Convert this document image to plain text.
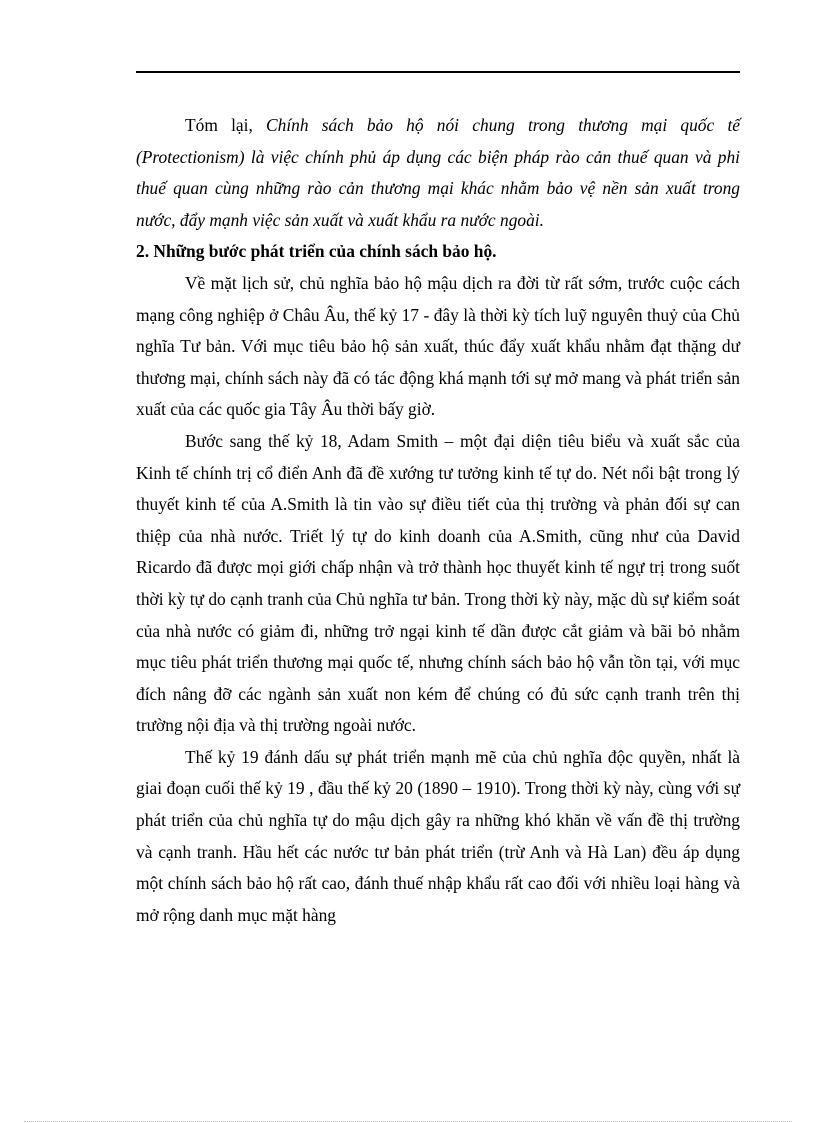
Tóm lại, Chính sách bảo hộ nói chung trong thương mại quốc tế (Protectionism) là việc chính phủ áp dụng các biện pháp rào cản thuế quan và phi thuế quan cùng những rào cản thương mại khác nhằm bảo vệ nền sản xuất trong nước, đẩy mạnh việc sản xuất và xuất khẩu ra nước ngoài.

2. Những bước phát triển của chính sách bảo hộ.

Về mặt lịch sử, chủ nghĩa bảo hộ mậu dịch ra đời từ rất sớm, trước cuộc cách mạng công nghiệp ở Châu Âu, thế kỷ 17 - đây là thời kỳ tích luỹ nguyên thuỷ của Chủ nghĩa Tư bản. Với mục tiêu bảo hộ sản xuất, thúc đẩy xuất khẩu nhằm đạt thặng dư thương mại, chính sách này đã có tác động khá mạnh tới sự mở mang và phát triển sản xuất của các quốc gia Tây Âu thời bấy giờ.

Bước sang thế kỷ 18, Adam Smith – một đại diện tiêu biểu và xuất sắc của Kinh tế chính trị cổ điển Anh đã đề xướng tư tưởng kinh tế tự do. Nét nổi bật trong lý thuyết kinh tế của A.Smith là tin vào sự điều tiết của thị trường và phản đối sự can thiệp của nhà nước. Triết lý tự do kinh doanh của A.Smith, cũng như của David Ricardo đã được mọi giới chấp nhận và trở thành học thuyết kinh tế ngự trị trong suốt thời kỳ tự do cạnh tranh của Chủ nghĩa tư bản. Trong thời kỳ này, mặc dù sự kiểm soát của nhà nước có giảm đi, những trở ngại kinh tế dần được cắt giảm và bãi bỏ nhằm mục tiêu phát triển thương mại quốc tế, nhưng chính sách bảo hộ vẫn tồn tại, với mục đích nâng đỡ các ngành sản xuất non kém để chúng có đủ sức cạnh tranh trên thị trường nội địa và thị trường ngoài nước.

Thế kỷ 19 đánh dấu sự phát triển mạnh mẽ của chủ nghĩa độc quyền, nhất là giai đoạn cuối thế kỷ 19 , đầu thế kỷ 20 (1890 – 1910). Trong thời kỳ này, cùng với sự phát triển của chủ nghĩa tự do mậu dịch gây ra những khó khăn về vấn đề thị trường và cạnh tranh. Hầu hết các nước tư bản phát triển (trừ Anh và Hà Lan) đều áp dụng một chính sách bảo hộ rất cao, đánh thuế nhập khẩu rất cao đối với nhiều loại hàng và mở rộng danh mục mặt hàng
